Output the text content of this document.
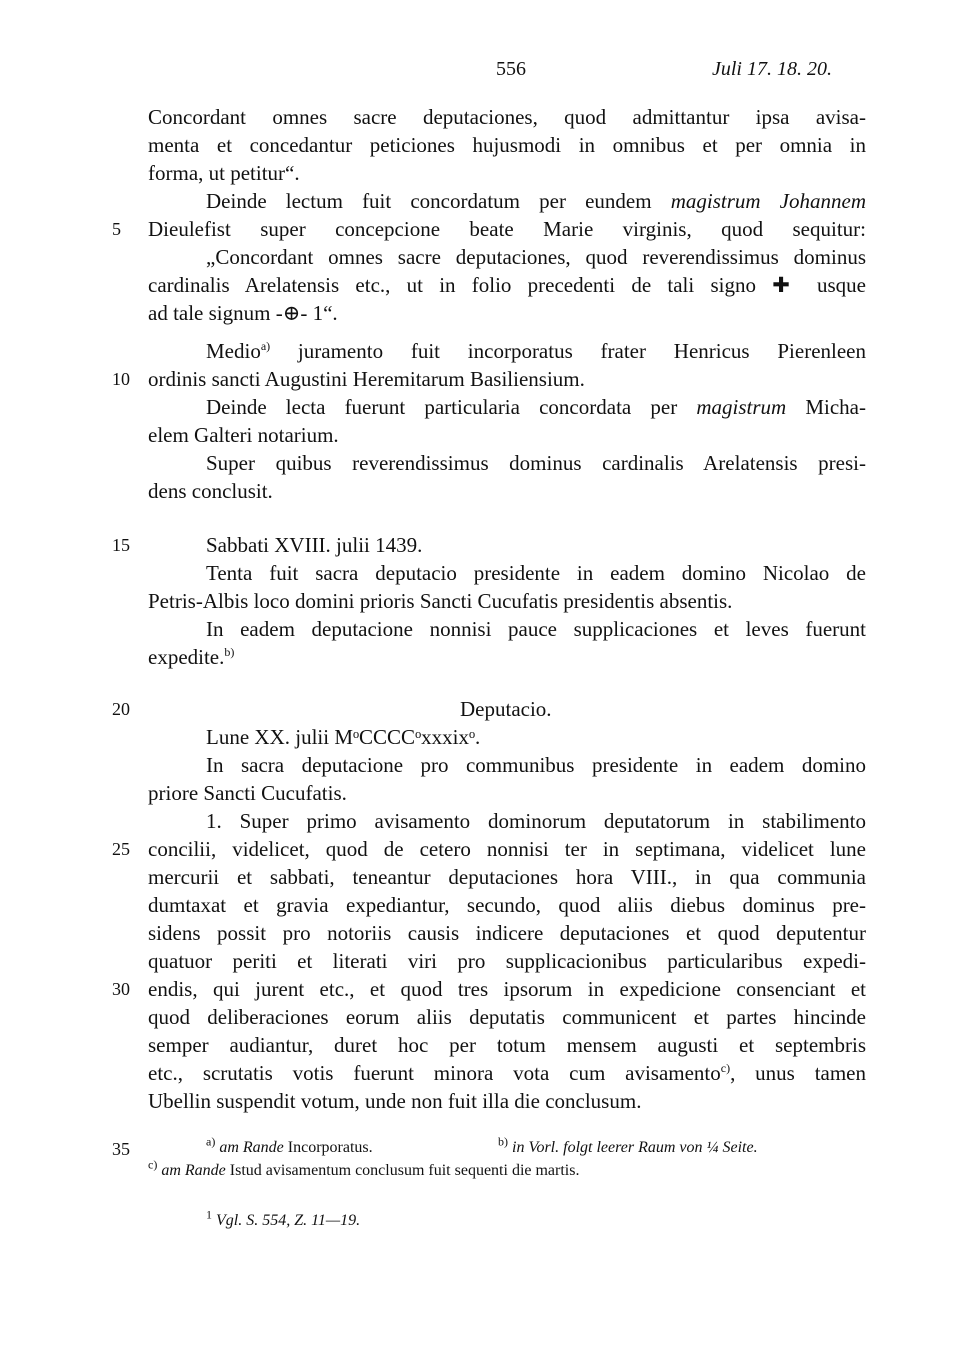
556	Juli 17. 18. 20.
Concordant omnes sacre deputaciones, quod admittantur ipsa avisa-
menta et concedantur peticiones hujusmodi in omnibus et per omnia in
forma, ut petitur“.
Deinde lectum fuit concordatum per eundem magistrum Johannem
5 Dieulefist super concepcione beate Marie virginis, quod sequitur:
„Concordant omnes sacre deputaciones, quod reverendissimus dominus
cardinalis Arelatensis etc., ut in folio precedenti de tali signo ✚ usque
ad tale signum -⊕- 1“.
Medio$^{a)}$ juramento fuit incorporatus frater Henricus Pierenleen
10 ordinis sancti Augustini Heremitarum Basiliensium.
Deinde lecta fuerunt particularia concordata per magistrum Micha-
elem Galteri notarium.
Super quibus reverendissimus dominus cardinalis Arelatensis presi-
dens conclusit.
15	Sabbati XVIII. julii 1439.
Tenta fuit sacra deputacio presidente in eadem domino Nicolao de
Petris-Albis loco domini prioris Sancti Cucufatis presidentis absentis.
In eadem deputacione nonnisi pauce supplicaciones et leves fuerunt
expedite.$^{b)}$
20	Deputacio.
Lune XX. julii MᵒCCCCᵒxxxixᵒ.
In sacra deputacione pro communibus presidente in eadem domino
priore Sancti Cucufatis.
1. Super primo avisamento dominorum deputatorum in stabilimento
25 concilii, videlicet, quod de cetero nonnisi ter in septimana, videlicet lune
mercurii et sabbati, teneantur deputaciones hora VIII., in qua communia
dumtaxat et gravia expediantur, secundo, quod aliis diebus dominus pre-
sidens possit pro notoriis causis indicere deputaciones et quod deputentur
quatuor periti et literati viri pro supplicacionibus particularibus expedi-
30 endis, qui jurent etc., et quod tres ipsorum in expedicione consenciant et
quod deliberaciones eorum aliis deputatis communicent et partes hincinde
semper audiantur, duret hoc per totum mensem augusti et septembris
etc., scrutatis votis fuerunt minora vota cum avisamento$^{c)}$, unus tamen
Ubellin suspendit votum, unde non fuit illa die conclusum.
35	$^{a)}$ am Rande Incorporatus.	$^{b)}$ in Vorl. folgt leerer Raum von ¼ Seite.
$^{c)}$ am Rande Istud avisamentum conclusum fuit sequenti die martis.
$^1$ Vgl. S. 554, Z. 11—19.
